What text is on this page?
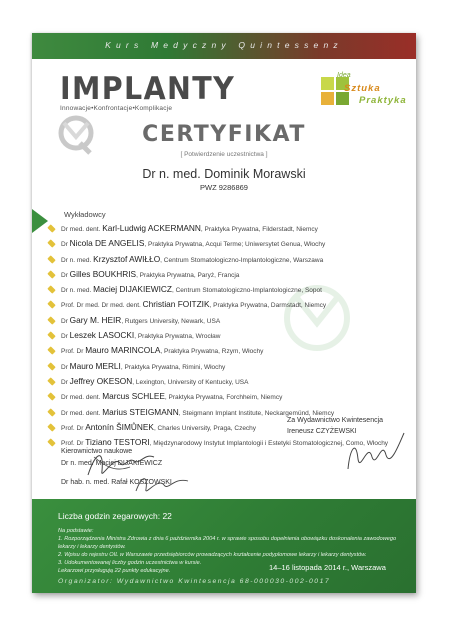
Kurs Medyczny Quintessenz
IMPLANTY
Innowacje•Konfrontacje•Komplikacje
Idea
Sztuka
Praktyka
CERTYFIKAT
[ Potwierdzenie uczestnictwa ]
Dr n. med. Dominik Morawski
PWZ 9286869
Wykładowcy
Dr med. dent. Karl-Ludwig ACKERMANN, Praktyka Prywatna, Filderstadt, Niemcy
Dr Nicola DE ANGELIS, Praktyka Prywatna, Acqui Terme; Uniwersytet Genua, Włochy
Dr n. med. Krzysztof AWIŁŁO, Centrum Stomatologiczno-Implantologiczne, Warszawa
Dr Gilles BOUKHRIS, Praktyka Prywatna, Paryż, Francja
Dr n. med. Maciej DIJAKIEWICZ, Centrum Stomatologiczno-Implantologiczne, Sopot
Prof. Dr med. Dr med. dent. Christian FOITZIK, Praktyka Prywatna, Darmstadt, Niemcy
Dr Gary M. HEIR, Rutgers University, Newark, USA
Dr Leszek LASOCKI, Praktyka Prywatna, Wrocław
Prof. Dr Mauro MARINCOLA, Praktyka Prywatna, Rzym, Włochy
Dr Mauro MERLI, Praktyka Prywatna, Rimini, Włochy
Dr Jeffrey OKESON, Lexington, University of Kentucky, USA
Dr med. dent. Marcus SCHLEE, Praktyka Prywatna, Forchheim, Niemcy
Dr med. dent. Marius STEIGMANN, Steigmann Implant Institute, Neckargemünd, Niemcy
Prof. Dr Antonín ŠIMŮNEK, Charles University, Praga, Czechy
Prof. Dr Tiziano TESTORI, Międzynarodowy Instytut Implantologii i Estetyki Stomatologicznej, Como, Włochy
Kierownictwo naukowe
Dr n. med. Maciej DIJAKIEWICZ
Dr hab. n. med. Rafał KOSZOWSKI
Za Wydawnictwo Kwintesencja
Ireneusz CZYŻEWSKI
Liczba godzin zegarowych: 22
Na podstawie:
1. Rozporządzenia Ministra Zdrowia z dnia 6 października 2004 r. w sprawie sposobu dopełnienia obowiązku doskonalenia zawodowego lekarzy i lekarzy dentystów.
2. Wpisu do rejestru OIL w Warszawie przedsiębiorców prowadzących kształcenie podyplomowe lekarzy i lekarzy dentystów.
3. Udokumentowanej liczby godzin uczestnictwa w kursie.
Lekarzowi przysługują 22 punkty edukacyjne.	14–16 listopada 2014 r., Warszawa
Organizator: Wydawnictwo Kwintesencja 68-000030-002-0017
